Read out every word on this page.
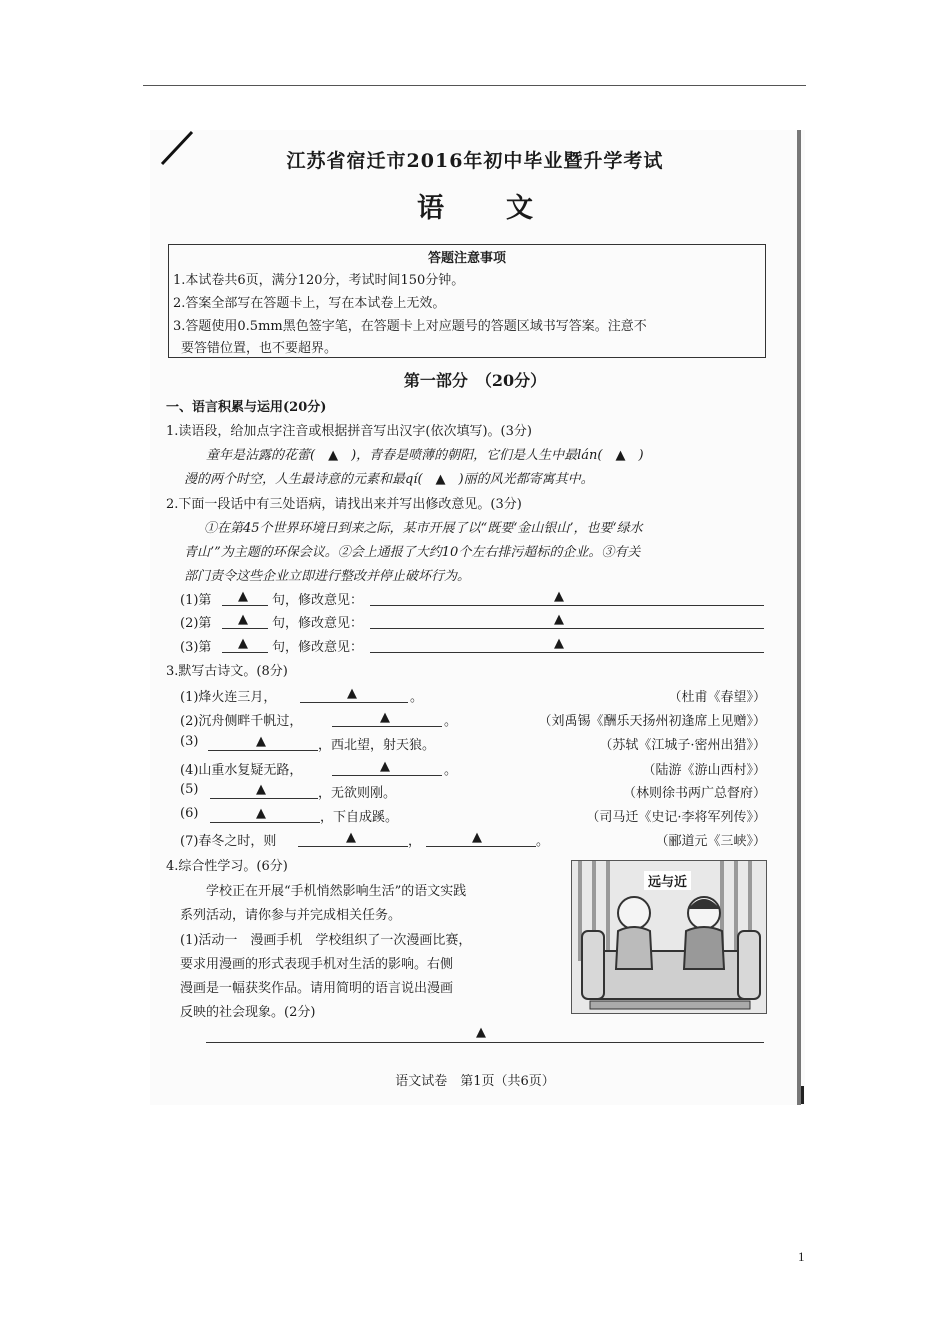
江苏省宿迁市2016年初中毕业暨升学考试
语文
答题注意事项
1.本试卷共6页，满分120分，考试时间150分钟。
2.答案全部写在答题卡上，写在本试卷上无效。
3.答题使用0.5mm黑色签字笔，在答题卡上对应题号的答题区域书写答案。注意不
要答错位置，也不要超界。
第一部分　（20分）
一、语言积累与运用(20分)
1.读语段，给加点字注音或根据拼音写出汉字(依次填写)。(3分)
童年是沾露的花蕾(　▲　)，青春是喷薄的朝阳，它们是人生中最lán(　▲　)
漫的两个时空，人生最诗意的元素和最qí(　▲　)丽的风光都寄寓其中。
2.下面一段话中有三处语病，请找出来并写出修改意见。(3分)
①在第45个世界环境日到来之际，某市开展了以“既要‘金山银山’，也要‘绿水
青山’”为主题的环保会议。②会上通报了大约10个左右排污超标的企业。③有关
部门责令这些企业立即进行整改并停止破坏行为。
(1)第 ▲ 句，修改意见：	▲
(2)第 ▲ 句，修改意见：	▲
(3)第 ▲ 句，修改意见：	▲
3.默写古诗文。(8分)
(1)烽火连三月，	▲	。	（杜甫《春望》）
(2)沉舟侧畔千帆过，	▲	。	（刘禹锡《酬乐天扬州初逢席上见赠》）
(3)	▲	，西北望，射天狼。	（苏轼《江城子·密州出猎》）
(4)山重水复疑无路，	▲	。	（陆游《游山西村》）
(5)	▲	，无欲则刚。	（林则徐书两广总督府）
(6)	▲	，下自成蹊。	（司马迁《史记·李将军列传》）
(7)春冬之时，则	▲	，	▲	。	（郦道元《三峡》）
4.综合性学习。(6分)
学校正在开展“手机悄然影响生活”的语文实践
系列活动，请你参与并完成相关任务。
(1)活动一　漫画手机　学校组织了一次漫画比赛，
要求用漫画的形式表现手机对生活的影响。右侧
漫画是一幅获奖作品。请用简明的语言说出漫画
反映的社会现象。(2分)
▲
远与近
语文试卷　第1页（共6页）
1
